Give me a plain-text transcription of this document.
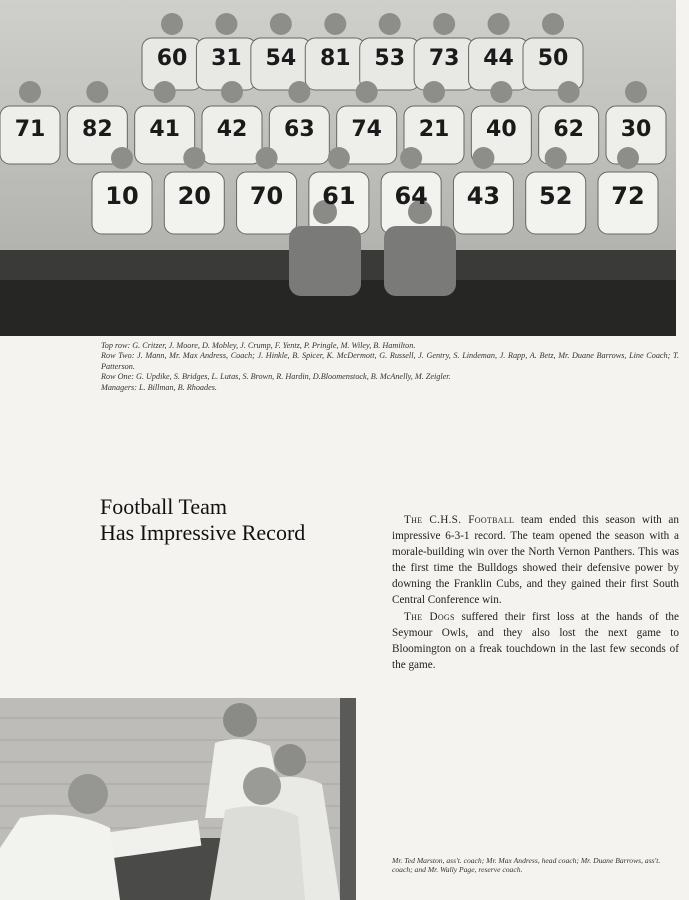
60 31 54 81 53 73 44 50
71 82 41 42 63 74 21 40 62 30
10 20 70 61 64 43 52 72
Top row: G. Critzer, J. Moore, D. Mobley, J. Crump, F. Yentz, P. Pringle, M. Wiley, B. Hamilton.
Row Two: J. Mann, Mr. Max Andress, Coach; J. Hinkle, B. Spicer, K. McDermott, G. Russell, J. Gentry, S. Lindeman, J. Rapp, A. Betz, Mr. Duane Barrows, Line Coach; T. Patterson.
Row One: G. Updike, S. Bridges, L. Lutas, S. Brown, R. Hardin, D.Bloomenstock, B. McAnelly, M. Zeigler.
Managers: L. Billman, B. Rhoades.
Football Team
Has Impressive Record	The C.H.S. Football team ended this season with an impressive 6-3-1 record. The team opened the season with a morale-building win over the North Vernon Panthers. This was the first time the Bulldogs showed their defensive power by downing the Franklin Cubs, and they gained their first South Central Conference win.

The Dogs suffered their first loss at the hands of the Seymour Owls, and they also lost the next game to Bloomington on a freak touchdown in the last few seconds of the game.

Mr. Ted Marston, ass't. coach; Mr. Max Andress, head coach; Mr. Duane Barrows, ass't. coach; and Mr. Wally Page, reserve coach.
